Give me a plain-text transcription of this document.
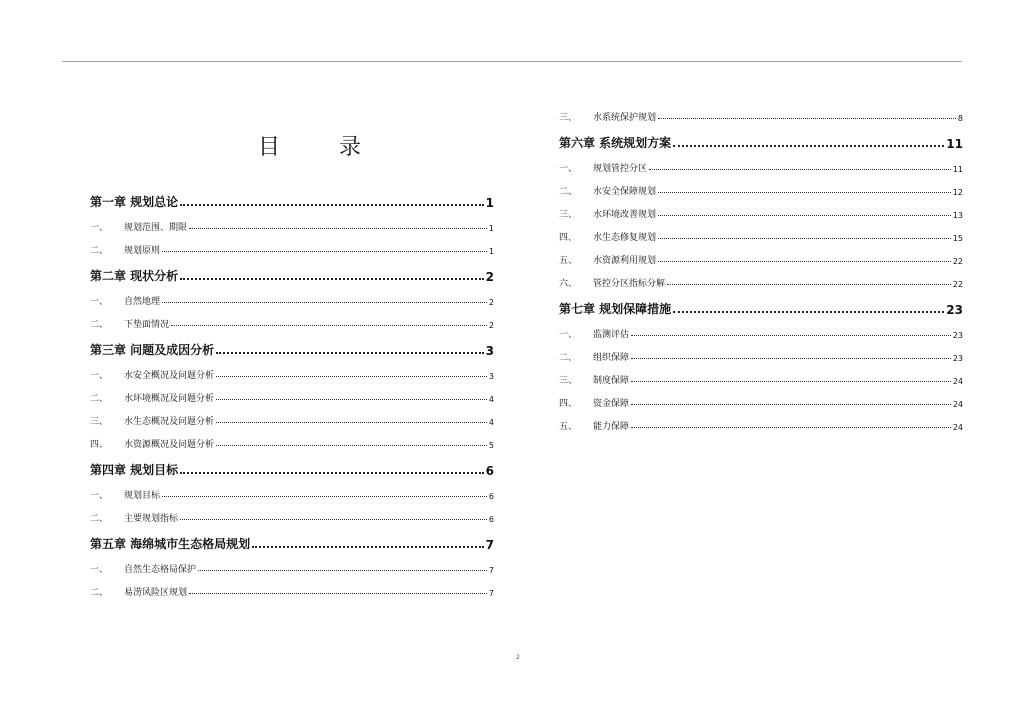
目 录
第一章 规划总论	1
一、 规划范围、期限	1
二、 规划原则	1
第二章 现状分析	2
一、 自然地理	2
二、 下垫面情况	2
第三章 问题及成因分析	3
一、 水安全概况及问题分析	3
二、 水环境概况及问题分析	4
三、 水生态概况及问题分析	4
四、 水资源概况及问题分析	5
第四章 规划目标	6
一、 规划目标	6
二、 主要规划指标	6
第五章 海绵城市生态格局规划	7
一、 自然生态格局保护	7
二、 易涝风险区规划	7
三、 水系统保护规划	8
第六章 系统规划方案	11
一、 规划管控分区	11
二、 水安全保障规划	12
三、 水环境改善规划	13
四、 水生态修复规划	15
五、 水资源利用规划	22
六、 管控分区指标分解	22
第七章 规划保障措施	23
一、 监测评估	23
二、 组织保障	23
三、 制度保障	24
四、 资金保障	24
五、 能力保障	24
2
